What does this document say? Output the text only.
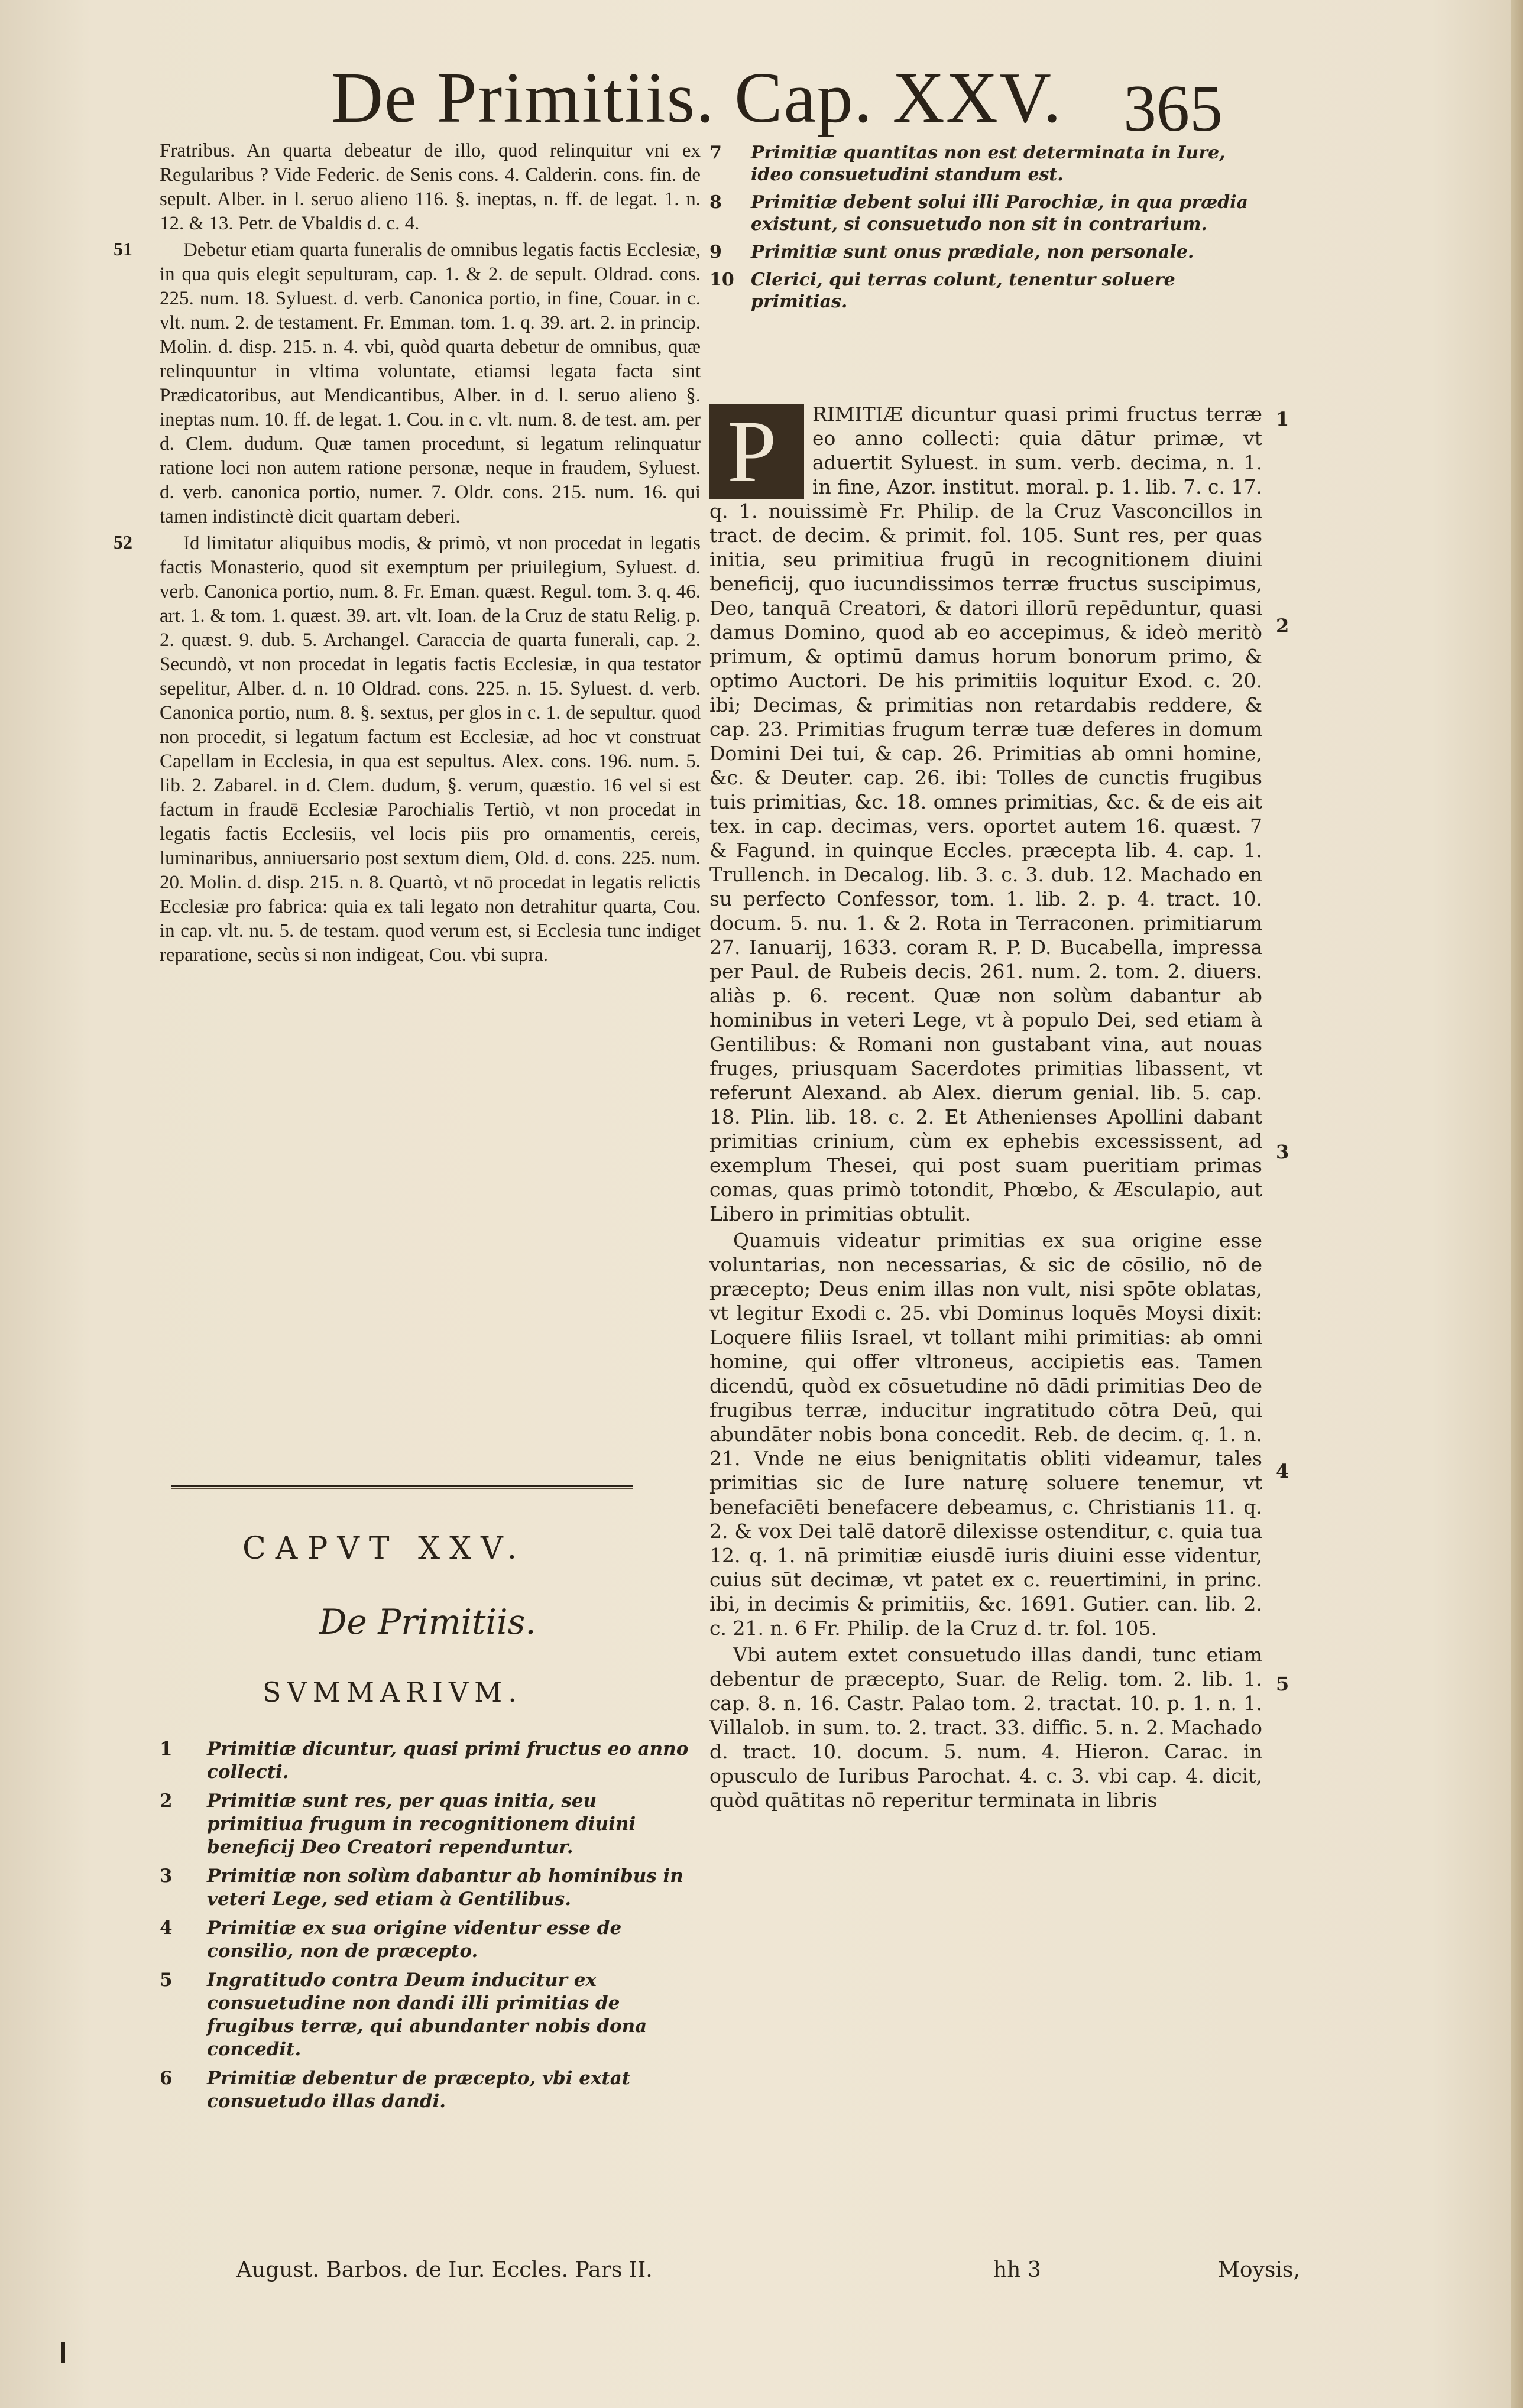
De Primitiis. Cap. XXV. 365

Fratribus. An quarta debeatur de illo, quod relinquitur vni ex Regularibus ? Vide Federic. de Senis cons. 4. Calderin. cons. fin. de sepult. Alber. in l. seruo alieno 116. §. ineptas, n. ff. de legat. 1. n. 12. & 13. Petr. de Vbaldis d. c. 4.

51	Debetur etiam quarta funeralis de omnibus legatis factis Ecclesiæ, in qua quis elegit sepulturam, cap. 1. & 2. de sepult. Oldrad. cons. 225. num. 18. Syluest. d. verb. Canonica portio, in fine, Couar. in c. vlt. num. 2. de testament. Fr. Emman. tom. 1. q. 39. art. 2. in princip. Molin. d. disp. 215. n. 4. vbi, quòd quarta debetur de omnibus, quæ relinquuntur in vltima voluntate, etiamsi legata facta sint Prædicatoribus, aut Mendicantibus, Alber. in d. l. seruo alieno §. ineptas num. 10. ff. de legat. 1. Cou. in c. vlt. num. 8. de test. am. per d. Clem. dudum. Quæ tamen procedunt, si legatum relinquatur ratione loci non autem ratione personæ, neque in fraudem, Syluest. d. verb. canonica portio, numer. 7. Oldr. cons. 215. num. 16. qui tamen indistinctè dicit quartam deberi.

52	Id limitatur aliquibus modis, & primò, vt non procedat in legatis factis Monasterio, quod sit exemptum per priuilegium, Syluest. d. verb. Canonica portio, num. 8. Fr. Eman. quæst. Regul. tom. 3. q. 46. art. 1. & tom. 1. quæst. 39. art. vlt. Ioan. de la Cruz de statu Relig. p. 2. quæst. 9. dub. 5. Archangel. Caraccia de quarta funerali, cap. 2. Secundò, vt non procedat in legatis factis Ecclesiæ, in qua testator sepelitur, Alber. d. n. 10 Oldrad. cons. 225. n. 15. Syluest. d. verb. Canonica portio, num. 8. §. sextus, per glos in c. 1. de sepultur. quod non procedit, si legatum factum est Ecclesiæ, ad hoc vt construat Capellam in Ecclesia, in qua est sepultus. Alex. cons. 196. num. 5. lib. 2. Zabarel. in d. Clem. dudum, §. verum, quæstio. 16 vel si est factum in fraudē Ecclesiæ Parochialis Tertiò, vt non procedat in legatis factis Ecclesiis, vel locis piis pro ornamentis, cereis, luminaribus, anniuersario post sextum diem, Old. d. cons. 225. num. 20. Molin. d. disp. 215. n. 8. Quartò, vt nō procedat in legatis relictis Ecclesiæ pro fabrica: quia ex tali legato non detrahitur quarta, Cou. in cap. vlt. nu. 5. de testam. quod verum est, si Ecclesia tunc indiget reparatione, secùs si non indigeat, Cou. vbi supra.

CAPVT XXV.
De Primitiis.
SVMMARIVM.
1 Primitiæ dicuntur, quasi primi fructus eo anno collecti.
2 Primitiæ sunt res, per quas initia, seu primitiua frugum in recognitionem diuini beneficij Deo Creatori rependuntur.
3 Primitiæ non solùm dabantur ab hominibus in veteri Lege, sed etiam à Gentilibus.
4 Primitiæ ex sua origine videntur esse de consilio, non de præcepto.
5 Ingratitudo contra Deum inducitur ex consuetudine non dandi illi primitias de frugibus terræ, qui abundanter nobis dona concedit.
6 Primitiæ debentur de præcepto, vbi extat consuetudo illas dandi.
August. Barbos. de Iur. Eccles. Pars II.
7 Primitiæ quantitas non est determinata in Iure, ideo consuetudini standum est.
8 Primitiæ debent solui illi Parochiæ, in qua prædia existunt, si consuetudo non sit in contrarium.
9 Primitiæ sunt onus prædiale, non personale.
10 Clerici, qui terras colunt, tenentur soluere primitias.
P	RIMITIÆ dicuntur quasi primi fructus terræ eo anno collecti: quia dātur primæ, vt aduertit Syluest. in sum. verb. decima, n. 1. in fine, Azor. institut. moral. p. 1. lib. 7. c. 17. q. 1. nouissimè Fr. Philip. de la Cruz Vasconcillos in tract. de decim. & primit. fol. 105. Sunt res, per quas initia, seu primitiua frugū in recognitionem diuini beneficij, quo iucundissimos terræ fructus suscipimus, Deo, tanquā Creatori, & datori illorū repēduntur, quasi damus Domino, quod ab eo accepimus, & ideò meritò primum, & optimū damus horum bonorum primo, & optimo Auctori. De his primitiis loquitur Exod. c. 20. ibi; Decimas, & primitias non retardabis reddere, & cap. 23. Primitias frugum terræ tuæ deferes in domum Domini Dei tui, & cap. 26. Primitias ab omni homine, &c. & Deuter. cap. 26. ibi: Tolles de cunctis frugibus tuis primitias, &c. 18. omnes primitias, &c. & de eis ait tex. in cap. decimas, vers. oportet autem 16. quæst. 7 & Fagund. in quinque Eccles. præcepta lib. 4. cap. 1. Trullench. in Decalog. lib. 3. c. 3. dub. 12. Machado en su perfecto Confessor, tom. 1. lib. 2. p. 4. tract. 10. docum. 5. nu. 1. & 2. Rota in Terraconen. primitiarum 27. Ianuarij, 1633. coram R. P. D. Bucabella, impressa per Paul. de Rubeis decis. 261. num. 2. tom. 2. diuers. aliàs p. 6. recent. Quæ non solùm dabantur ab hominibus in veteri Lege, vt à populo Dei, sed etiam à Gentilibus: & Romani non gustabant vina, aut nouas fruges, priusquam Sacerdotes primitias libassent, vt referunt Alexand. ab Alex. dierum genial. lib. 5. cap. 18. Plin. lib. 18. c. 2. Et Athenienses Apollini dabant primitias crinium, cùm ex ephebis excessissent, ad exemplum Thesei, qui post suam pueritiam primas comas, quas primò totondit, Phœbo, & Æsculapio, aut Libero in primitias obtulit.

Quamuis videatur primitias ex sua origine esse voluntarias, non necessarias, & sic de cōsilio, nō de præcepto; Deus enim illas non vult, nisi spōte oblatas, vt legitur Exodi c. 25. vbi Dominus loquēs Moysi dixit: Loquere filiis Israel, vt tollant mihi primitias: ab omni homine, qui offer vltroneus, accipietis eas. Tamen dicendū, quòd ex cōsuetudine nō dādi primitias Deo de frugibus terræ, inducitur ingratitudo cōtra Deū, qui abundāter nobis bona concedit. Reb. de decim. q. 1. n. 21. Vnde ne eius benignitatis obliti videamur, tales primitias sic de Iure naturę soluere tenemur, vt benefaciēti benefacere debeamus, c. Christianis 11. q. 2. & vox Dei talē datorē dilexisse ostenditur, c. quia tua 12. q. 1. nā primitiæ eiusdē iuris diuini esse videntur, cuius sūt decimæ, vt patet ex c. reuertimini, in princ. ibi, in decimis & primitiis, &c. 1691. Gutier. can. lib. 2. c. 21. n. 6 Fr. Philip. de la Cruz d. tr. fol. 105.

Vbi autem extet consuetudo illas dandi, tunc etiam debentur de præcepto, Suar. de Relig. tom. 2. lib. 1. cap. 8. n. 16. Castr. Palao tom. 2. tractat. 10. p. 1. n. 1. Villalob. in sum. to. 2. tract. 33. diffic. 5. n. 2. Machado d. tract. 10. docum. 5. num. 4. Hieron. Carac. in opusculo de Iuribus Parochat. 4. c. 3. vbi cap. 4. dicit, quòd quātitas nō reperitur terminata in libris

1
2
3
4
5
hh 3	Moysis,
